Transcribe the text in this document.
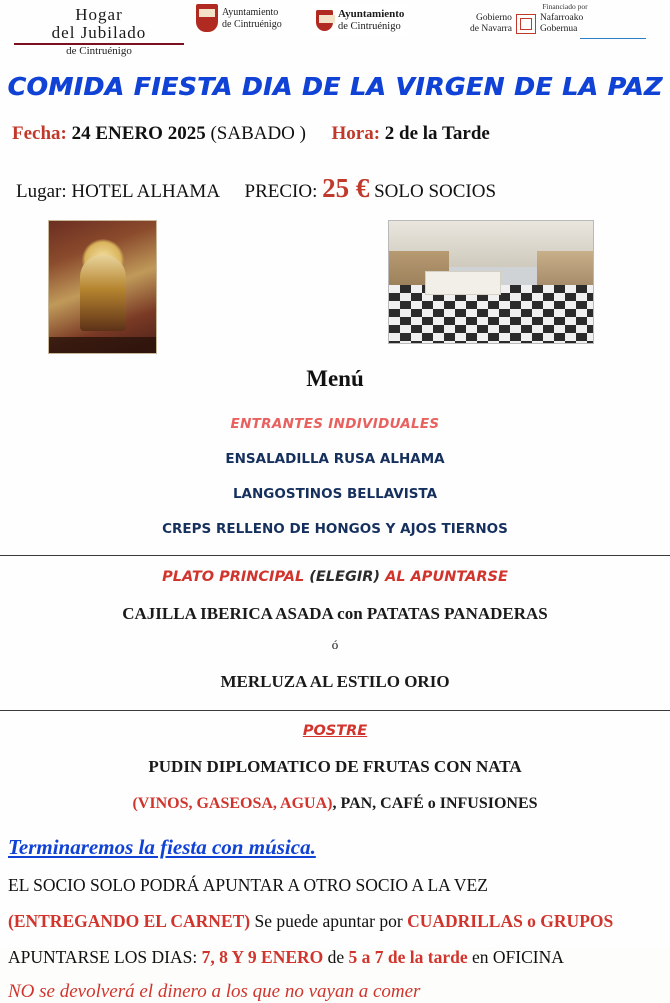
Hogar
del Jubilado
de Cintruénigo
Ayuntamiento
de Cintruénigo
Ayuntamiento
de Cintruénigo
Financiado por
Gobierno
de Navarra
Nafarroako
Gobernua
COMIDA FIESTA DIA DE LA VIRGEN DE LA PAZ
Fecha: 24 ENERO 2025 (SABADO ) Hora: 2 de la Tarde
Lugar: HOTEL ALHAMA PRECIO: 25 € SOLO SOCIOS
Menú
ENTRANTES INDIVIDUALES
ENSALADILLA RUSA ALHAMA
LANGOSTINOS BELLAVISTA
CREPS RELLENO DE HONGOS Y AJOS TIERNOS
PLATO PRINCIPAL (ELEGIR) AL APUNTARSE
CAJILLA IBERICA ASADA con PATATAS PANADERAS
ó
MERLUZA AL ESTILO ORIO
POSTRE
PUDIN DIPLOMATICO DE FRUTAS CON NATA
(VINOS, GASEOSA, AGUA), PAN, CAFÉ o INFUSIONES
Terminaremos la fiesta con música.
EL SOCIO SOLO PODRÁ APUNTAR A OTRO SOCIO A LA VEZ
(ENTREGANDO EL CARNET) Se puede apuntar por CUADRILLAS o GRUPOS
APUNTARSE LOS DIAS: 7, 8 Y 9 ENERO de 5 a 7 de la tarde en OFICINA
NO se devolverá el dinero a los que no vayan a comer
